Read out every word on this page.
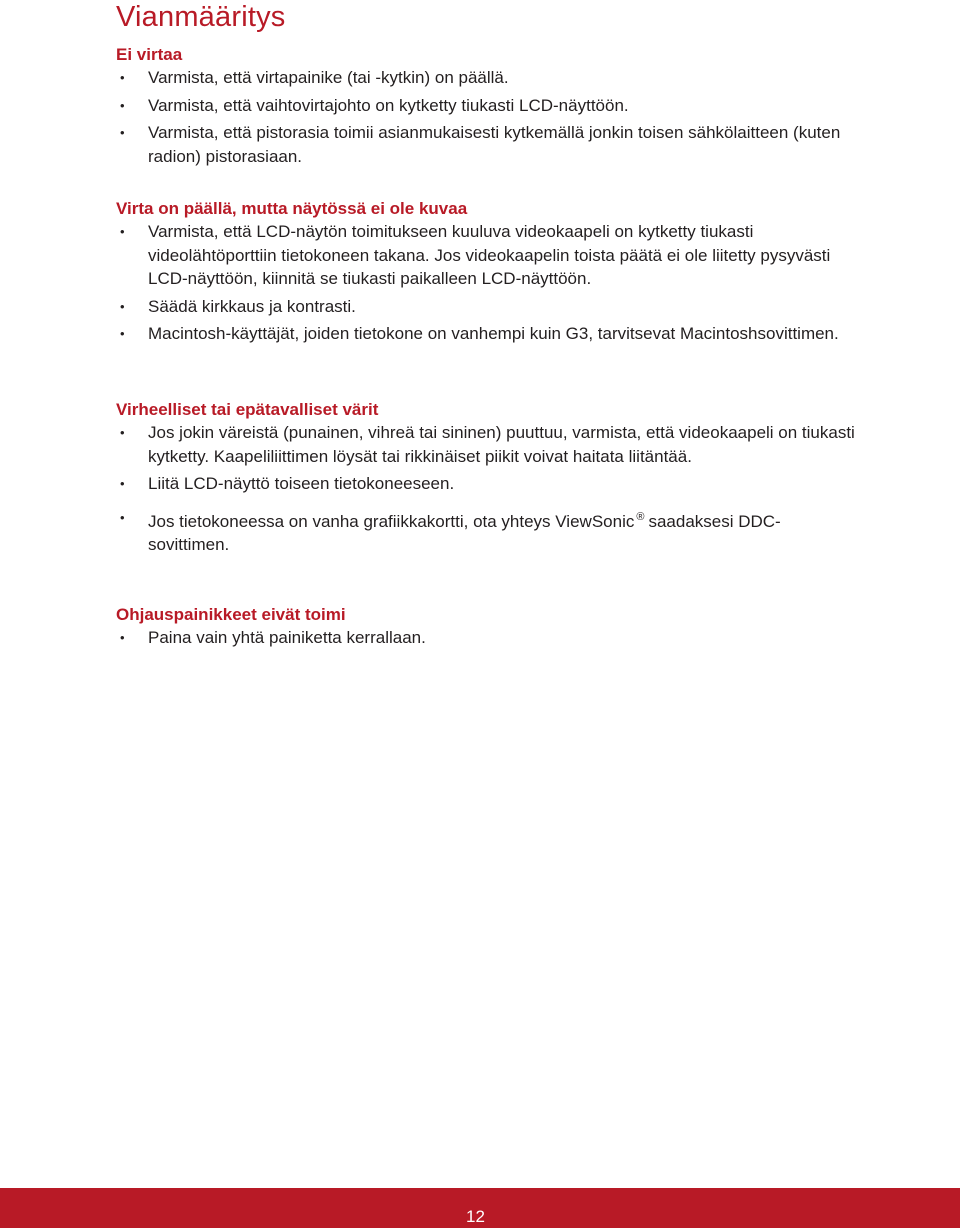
Vianmääritys
Ei virtaa
• Varmista, että virtapainike (tai -kytkin) on päällä.
• Varmista, että vaihtovirtajohto on kytketty tiukasti LCD-näyttöön.
• Varmista, että pistorasia toimii asianmukaisesti kytkemällä jonkin toisen sähkölaitteen (kuten radion) pistorasiaan.
Virta on päällä, mutta näytössä ei ole kuvaa
• Varmista, että LCD-näytön toimitukseen kuuluva videokaapeli on kytketty tiukasti videolähtöporttiin tietokoneen takana. Jos videokaapelin toista päätä ei ole liitetty pysyvästi LCD-näyttöön, kiinnitä se tiukasti paikalleen LCD-näyttöön.
• Säädä kirkkaus ja kontrasti.
• Macintosh-käyttäjät, joiden tietokone on vanhempi kuin G3, tarvitsevat Macintoshsovittimen.
Virheelliset tai epätavalliset värit
• Jos jokin väreistä (punainen, vihreä tai sininen) puuttuu, varmista, että videokaapeli on tiukasti kytketty. Kaapeliliittimen löysät tai rikkinäiset piikit voivat haitata liitäntää.
• Liitä LCD-näyttö toiseen tietokoneeseen.
• Jos tietokoneessa on vanha grafiikkakortti, ota yhteys ViewSonic ® saadaksesi DDC-sovittimen.
Ohjauspainikkeet eivät toimi
• Paina vain yhtä painiketta kerrallaan.
12
